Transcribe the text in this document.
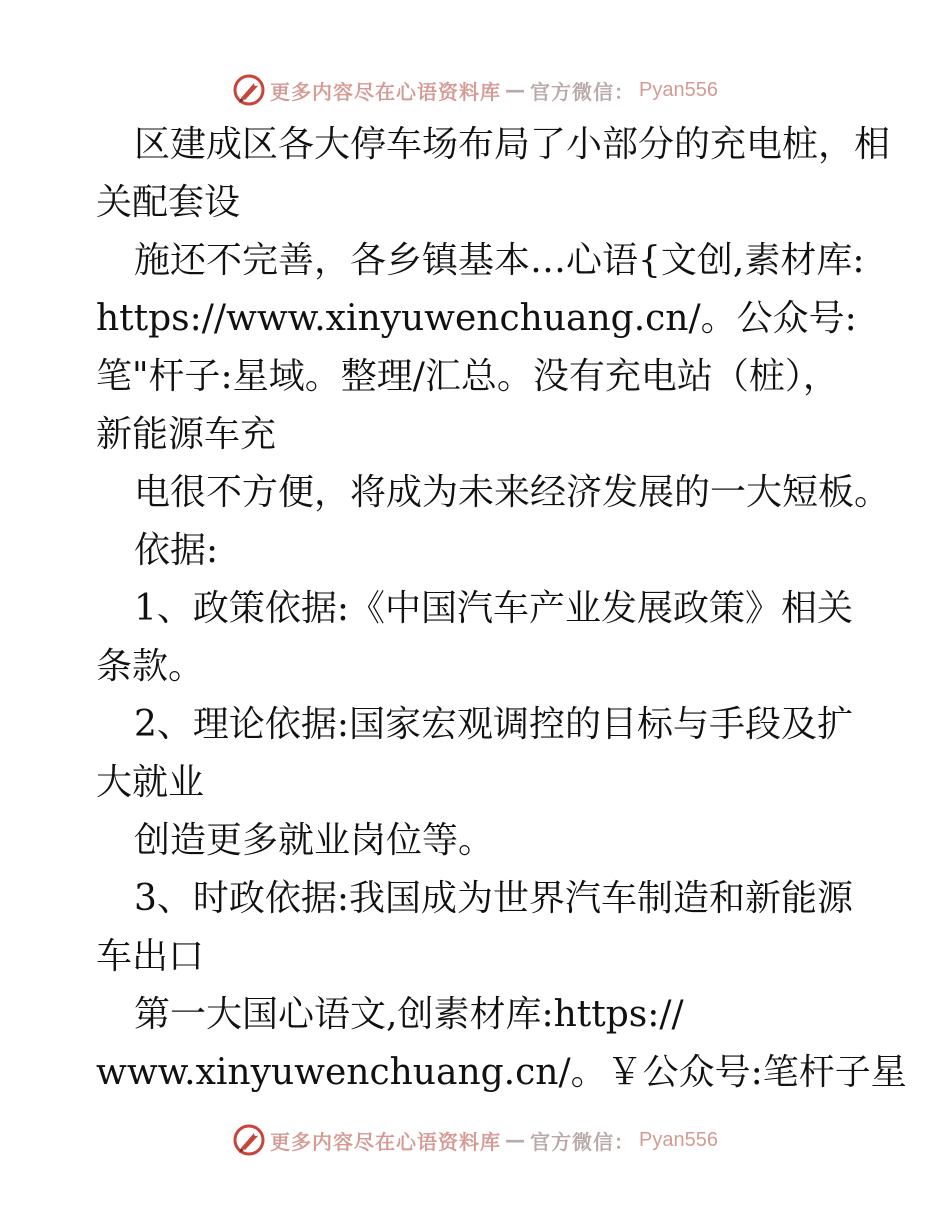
更多内容尽在心语资料库 — 官方微信： Pyan556
区建成区各大停车场布局了小部分的充电桩，相
关配套设
施还不完善，各乡镇基本…心语{文创,素材库:
https://www.xinyuwenchuang.cn/。公众号:
笔"杆子:星域。整理/汇总。没有充电站（桩），
新能源车充
电很不方便，将成为未来经济发展的一大短板。
依据:
1、政策依据:《中国汽车产业发展政策》相关
条款。
2、理论依据:国家宏观调控的目标与手段及扩
大就业
创造更多就业岗位等。
3、时政依据:我国成为世界汽车制造和新能源
车出口
第一大国心语文,创素材库:https://
www.xinyuwenchuang.cn/。￥公众号:笔杆子星
更多内容尽在心语资料库 — 官方微信： Pyan556
